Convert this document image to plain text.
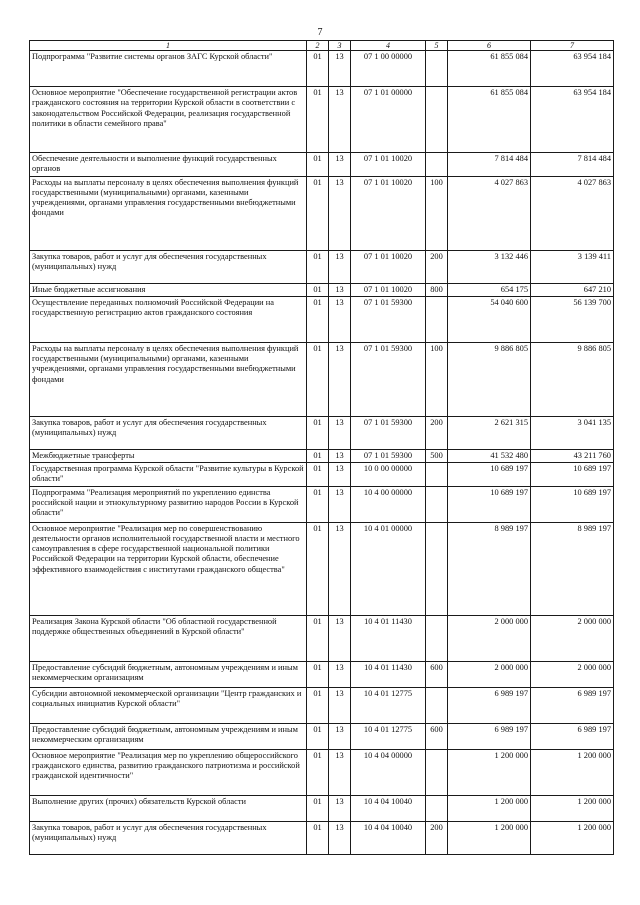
7
1	2	3	4	5	6	7
Подпрограмма "Развитие системы органов ЗАГС Курской области"	01	13	07 1 00 00000		61 855 084	63 954 184
Основное мероприятие "Обеспечение государственной регистрации актов гражданского состояния на территории Курской области в соответствии с законодательством Российской Федерации, реализация государственной политики в области семейного права"	01	13	07 1 01 00000		61 855 084	63 954 184
Обеспечение деятельности и выполнение функций государственных органов	01	13	07 1 01 10020		7 814 484	7 814 484
Расходы на выплаты персоналу в целях обеспечения выполнения функций государственными (муниципальными) органами, казенными учреждениями, органами управления государственными внебюджетными фондами	01	13	07 1 01 10020	100	4 027 863	4 027 863
Закупка товаров, работ и услуг для обеспечения государственных (муниципальных) нужд	01	13	07 1 01 10020	200	3 132 446	3 139 411
Иные бюджетные ассигнования	01	13	07 1 01 10020	800	654 175	647 210
Осуществление переданных полномочий Российской Федерации на государственную регистрацию актов гражданского состояния	01	13	07 1 01 59300		54 040 600	56 139 700
Расходы на выплаты персоналу в целях обеспечения выполнения функций государственными (муниципальными) органами, казенными учреждениями, органами управления государственными внебюджетными фондами	01	13	07 1 01 59300	100	9 886 805	9 886 805
Закупка товаров, работ и услуг для обеспечения государственных (муниципальных) нужд	01	13	07 1 01 59300	200	2 621 315	3 041 135
Межбюджетные трансферты	01	13	07 1 01 59300	500	41 532 480	43 211 760
Государственная программа Курской области "Развитие культуры в Курской области"	01	13	10 0 00 00000		10 689 197	10 689 197
Подпрограмма "Реализация мероприятий по укреплению единства российской нации и этнокультурному развитию народов России в Курской области"	01	13	10 4 00 00000		10 689 197	10 689 197
Основное мероприятие "Реализация мер по совершенствованию деятельности органов исполнительной государственной власти и местного самоуправления в сфере государственной национальной политики Российской Федерации на территории Курской области, обеспечение эффективного взаимодействия с институтами гражданского общества"	01	13	10 4 01 00000		8 989 197	8 989 197
Реализация Закона Курской области "Об областной государственной поддержке общественных объединений в Курской области"	01	13	10 4 01 11430		2 000 000	2 000 000
Предоставление субсидий бюджетным, автономным учреждениям и иным некоммерческим организациям	01	13	10 4 01 11430	600	2 000 000	2 000 000
Субсидии автономной некоммерческой организации "Центр гражданских и социальных инициатив Курской области"	01	13	10 4 01 12775		6 989 197	6 989 197
Предоставление субсидий бюджетным, автономным учреждениям и иным некоммерческим организациям	01	13	10 4 01 12775	600	6 989 197	6 989 197
Основное мероприятие "Реализация мер по укреплению общероссийского гражданского единства, развитию гражданского патриотизма и российской гражданской идентичности"	01	13	10 4 04 00000		1 200 000	1 200 000
Выполнение других (прочих) обязательств Курской области	01	13	10 4 04 10040		1 200 000	1 200 000
Закупка товаров, работ и услуг для обеспечения государственных (муниципальных) нужд	01	13	10 4 04 10040	200	1 200 000	1 200 000
